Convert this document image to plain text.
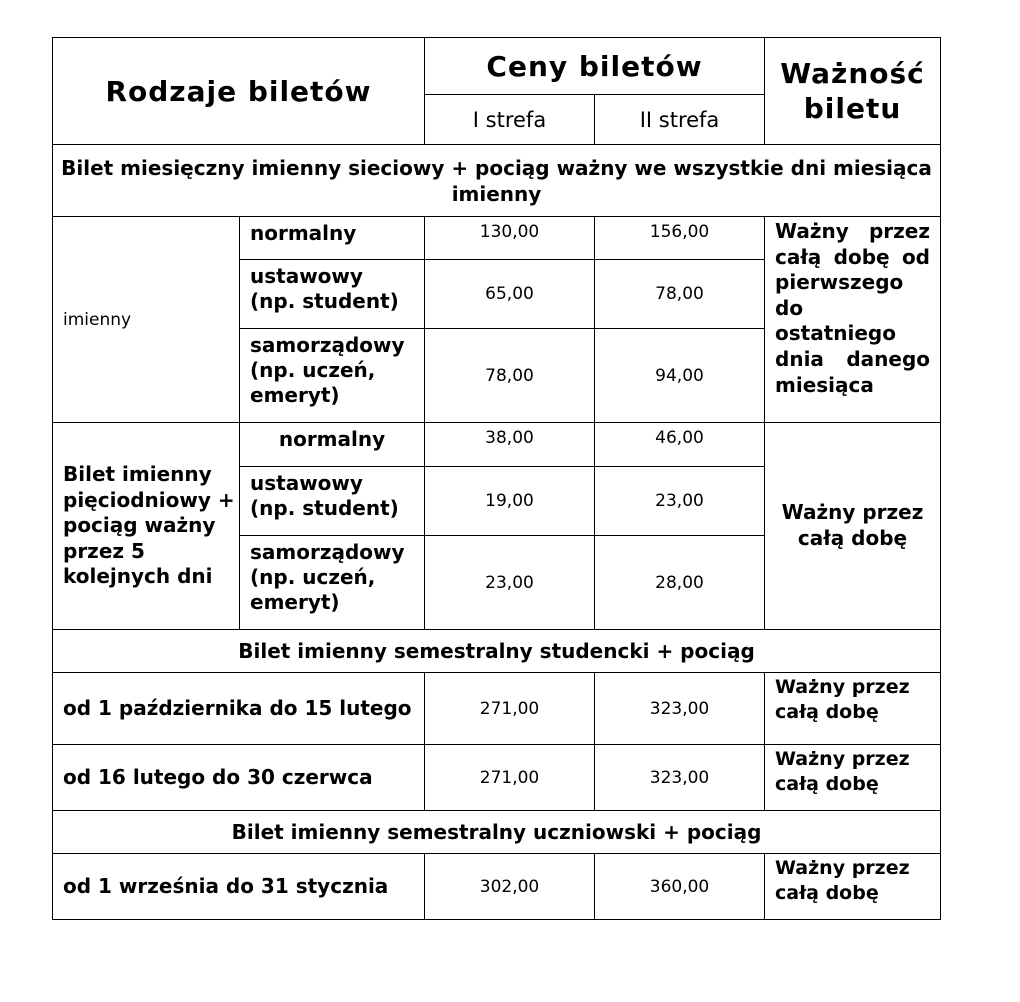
Rodzaje biletów		Ceny biletów		Ważność biletu
		I strefa	II strefa	
Bilet miesięczny imienny sieciowy + pociąg ważny we wszystkie dni miesiąca imienny				
imienny	normalny	130,00	156,00	Ważny przez całą dobę od pierwszego do ostatniego dnia danego miesiąca
	ustawowy (np. student)	65,00	78,00	
	samorządowy (np. uczeń, emeryt)	78,00	94,00	
Bilet imienny pięciodniowy + pociąg ważny przez 5 kolejnych dni	normalny	38,00	46,00	Ważny przez całą dobę
	ustawowy (np. student)	19,00	23,00	
	samorządowy (np. uczeń, emeryt)	23,00	28,00	
Bilet imienny semestralny studencki + pociąg				
od 1 października do 15 lutego		271,00	323,00	Ważny przez całą dobę
od 16 lutego do 30 czerwca		271,00	323,00	Ważny przez całą dobę
Bilet imienny semestralny uczniowski + pociąg				
od 1 września do 31 stycznia		302,00	360,00	Ważny przez całą dobę
